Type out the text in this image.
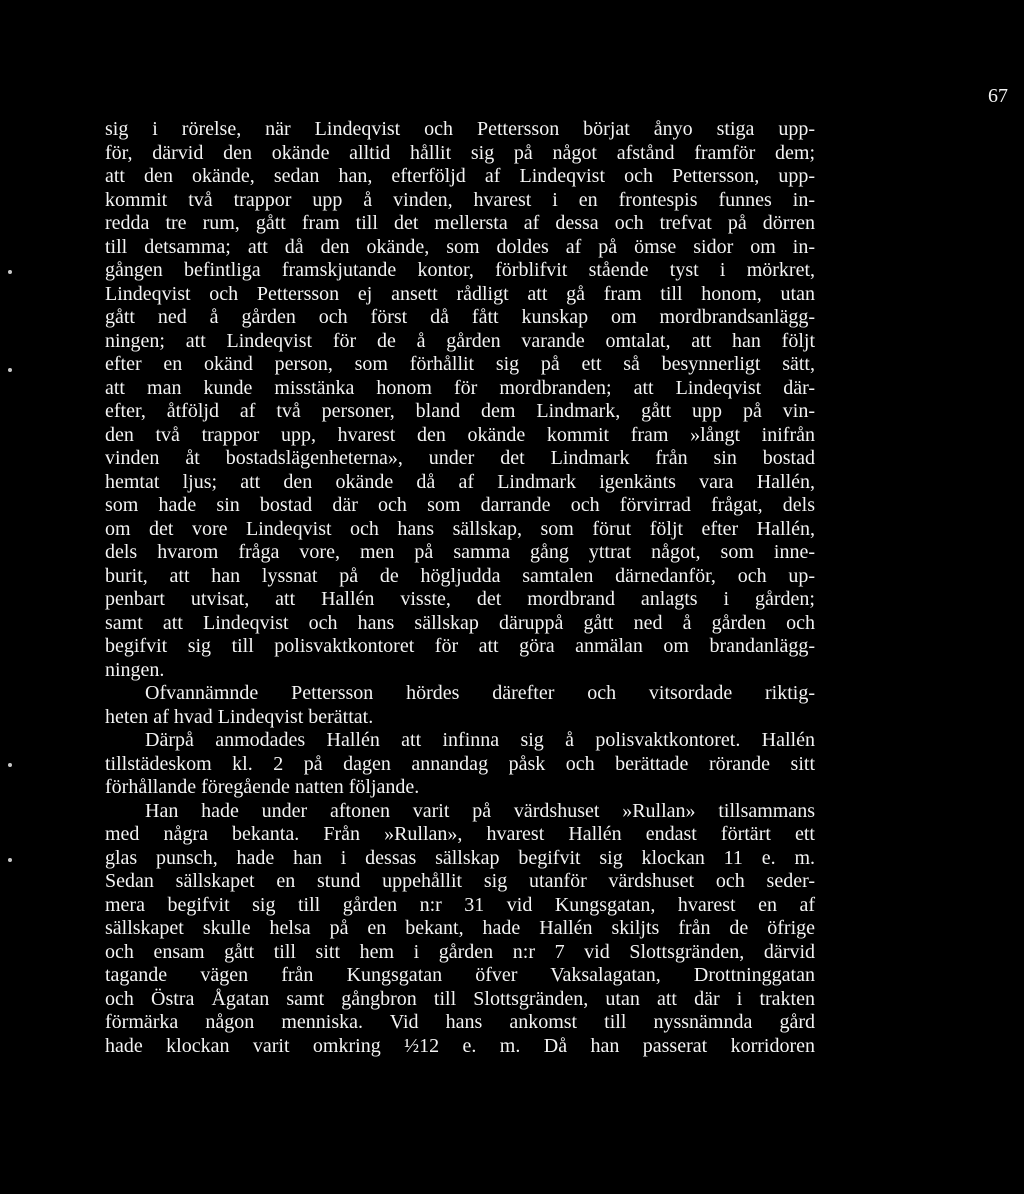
67
sig i rörelse, när Lindeqvist och Pettersson börjat ånyo stiga upp-
för, därvid den okände alltid hållit sig på något afstånd framför dem;
att den okände, sedan han, efterföljd af Lindeqvist och Pettersson, upp-
kommit två trappor upp å vinden, hvarest i en frontespis funnes in-
redda tre rum, gått fram till det mellersta af dessa och trefvat på dörren
till detsamma; att då den okände, som doldes af på ömse sidor om in-
gången befintliga framskjutande kontor, förblifvit stående tyst i mörkret,
Lindeqvist och Pettersson ej ansett rådligt att gå fram till honom, utan
gått ned å gården och först då fått kunskap om mordbrandsanlägg-
ningen; att Lindeqvist för de å gården varande omtalat, att han följt
efter en okänd person, som förhållit sig på ett så besynnerligt sätt,
att man kunde misstänka honom för mordbranden; att Lindeqvist där-
efter, åtföljd af två personer, bland dem Lindmark, gått upp på vin-
den två trappor upp, hvarest den okände kommit fram »långt inifrån
vinden åt bostadslägenheterna», under det Lindmark från sin bostad
hemtat ljus; att den okände då af Lindmark igenkänts vara Hallén,
som hade sin bostad där och som darrande och förvirrad frågat, dels
om det vore Lindeqvist och hans sällskap, som förut följt efter Hallén,
dels hvarom fråga vore, men på samma gång yttrat något, som inne-
burit, att han lyssnat på de högljudda samtalen därnedanför, och up-
penbart utvisat, att Hallén visste, det mordbrand anlagts i gården;
samt att Lindeqvist och hans sällskap däruppå gått ned å gården och
begifvit sig till polisvaktkontoret för att göra anmälan om brandanlägg-
ningen.
Ofvannämnde Pettersson hördes därefter och vitsordade riktig-
heten af hvad Lindeqvist berättat.
Därpå anmodades Hallén att infinna sig å polisvaktkontoret. Hallén
tillstädeskom kl. 2 på dagen annandag påsk och berättade rörande sitt
förhållande föregående natten följande.
Han hade under aftonen varit på värdshuset »Rullan» tillsammans
med några bekanta. Från »Rullan», hvarest Hallén endast förtärt ett
glas punsch, hade han i dessas sällskap begifvit sig klockan 11 e. m.
Sedan sällskapet en stund uppehållit sig utanför värdshuset och seder-
mera begifvit sig till gården n:r 31 vid Kungsgatan, hvarest en af
sällskapet skulle helsa på en bekant, hade Hallén skiljts från de öfrige
och ensam gått till sitt hem i gården n:r 7 vid Slottsgränden, därvid
tagande vägen från Kungsgatan öfver Vaksalagatan, Drottninggatan
och Östra Ågatan samt gångbron till Slottsgränden, utan att där i trakten
förmärka någon menniska. Vid hans ankomst till nyssnämnda gård
hade klockan varit omkring ½12 e. m. Då han passerat korridoren
